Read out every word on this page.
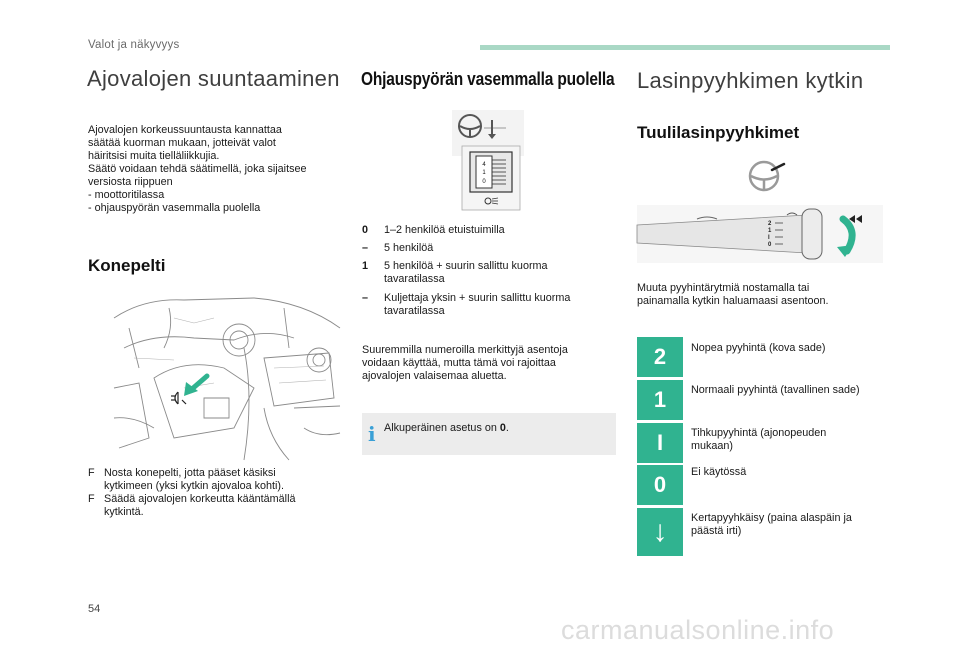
Valot ja näkyvyys
Ajovalojen suuntaaminen
Ajovalojen korkeussuuntausta kannattaa
säätää kuorman mukaan, jotteivät valot
häiritsisi muita tielläliikkujia.
Säätö voidaan tehdä säätimellä, joka sijaitsee
versiosta riippuen
- moottoritilassa
- ohjauspyörän vasemmalla puolella
Konepelti
F Nosta konepelti, jotta pääset käsiksi
kytkimeen (yksi kytkin ajovaloa kohti).
F Säädä ajovalojen korkeutta kääntämällä
kytkintä.
Ohjauspyörän vasemmalla puolella
4
1
0
0 1–2 henkilöä etuistuimilla
– 5 henkilöä
1 5 henkilöä + suurin sallittu kuorma
tavaratilassa
– Kuljettaja yksin + suurin sallittu kuorma
tavaratilassa
Suuremmilla numeroilla merkittyjä asentoja
voidaan käyttää, mutta tämä voi rajoittaa
ajovalojen valaisemaa aluetta.
i Alkuperäinen asetus on 0.
Lasinpyyhkimen kytkin
Tuulilasinpyyhkimet
2
1
I
0
Muuta pyyhintärytmiä nostamalla tai
painamalla kytkin haluamaasi asentoon.
2	Nopea pyyhintä (kova sade)
1	Normaali pyyhintä (tavallinen sade)
I	Tihkupyyhintä (ajonopeuden
mukaan)
0	Ei käytössä
↓	Kertapyyhkäisy (paina alaspäin ja
päästä irti)
54
carmanualsonline.info
